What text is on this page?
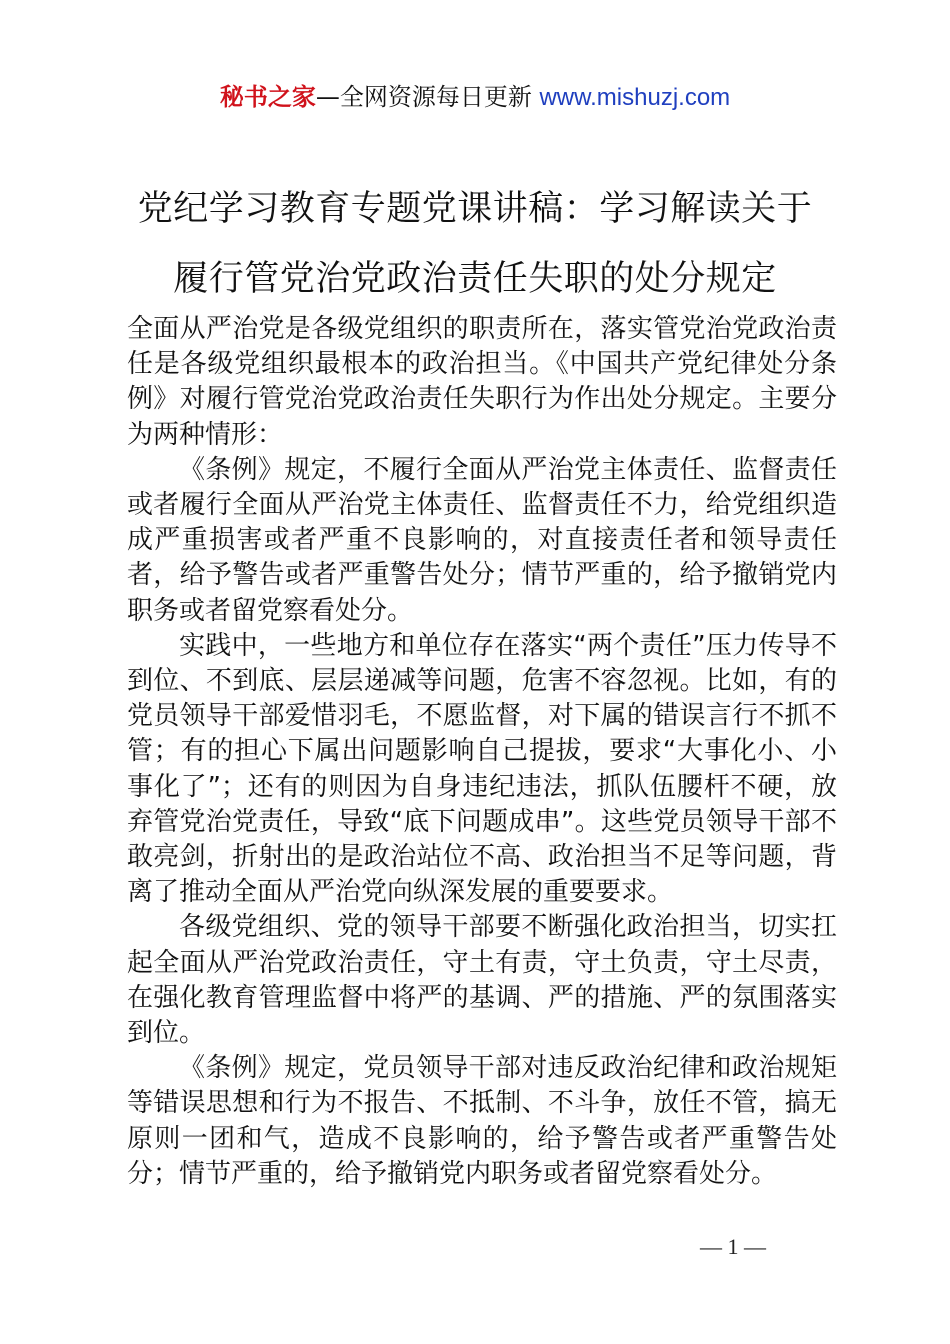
秘书之家—全网资源每日更新 www.mishuzj.com
党纪学习教育专题党课讲稿：学习解读关于
履行管党治党政治责任失职的处分规定

全面从严治党是各级党组织的职责所在，落实管党治党政治责任是各级党组织最根本的政治担当。《中国共产党纪律处分条例》对履行管党治党政治责任失职行为作出处分规定。主要分为两种情形：

《条例》规定，不履行全面从严治党主体责任、监督责任或者履行全面从严治党主体责任、监督责任不力，给党组织造成严重损害或者严重不良影响的，对直接责任者和领导责任者，给予警告或者严重警告处分；情节严重的，给予撤销党内职务或者留党察看处分。

实践中，一些地方和单位存在落实“两个责任”压力传导不到位、不到底、层层递减等问题，危害不容忽视。比如，有的党员领导干部爱惜羽毛，不愿监督，对下属的错误言行不抓不管；有的担心下属出问题影响自己提拔，要求“大事化小、小事化了”；还有的则因为自身违纪违法，抓队伍腰杆不硬，放弃管党治党责任，导致“底下问题成串”。这些党员领导干部不敢亮剑，折射出的是政治站位不高、政治担当不足等问题，背离了推动全面从严治党向纵深发展的重要要求。

各级党组织、党的领导干部要不断强化政治担当，切实扛起全面从严治党政治责任，守土有责，守土负责，守土尽责，在强化教育管理监督中将严的基调、严的措施、严的氛围落实到位。

《条例》规定，党员领导干部对违反政治纪律和政治规矩等错误思想和行为不报告、不抵制、不斗争，放任不管，搞无原则一团和气，造成不良影响的，给予警告或者严重警告处分；情节严重的，给予撤销党内职务或者留党察看处分。

— 1 —
